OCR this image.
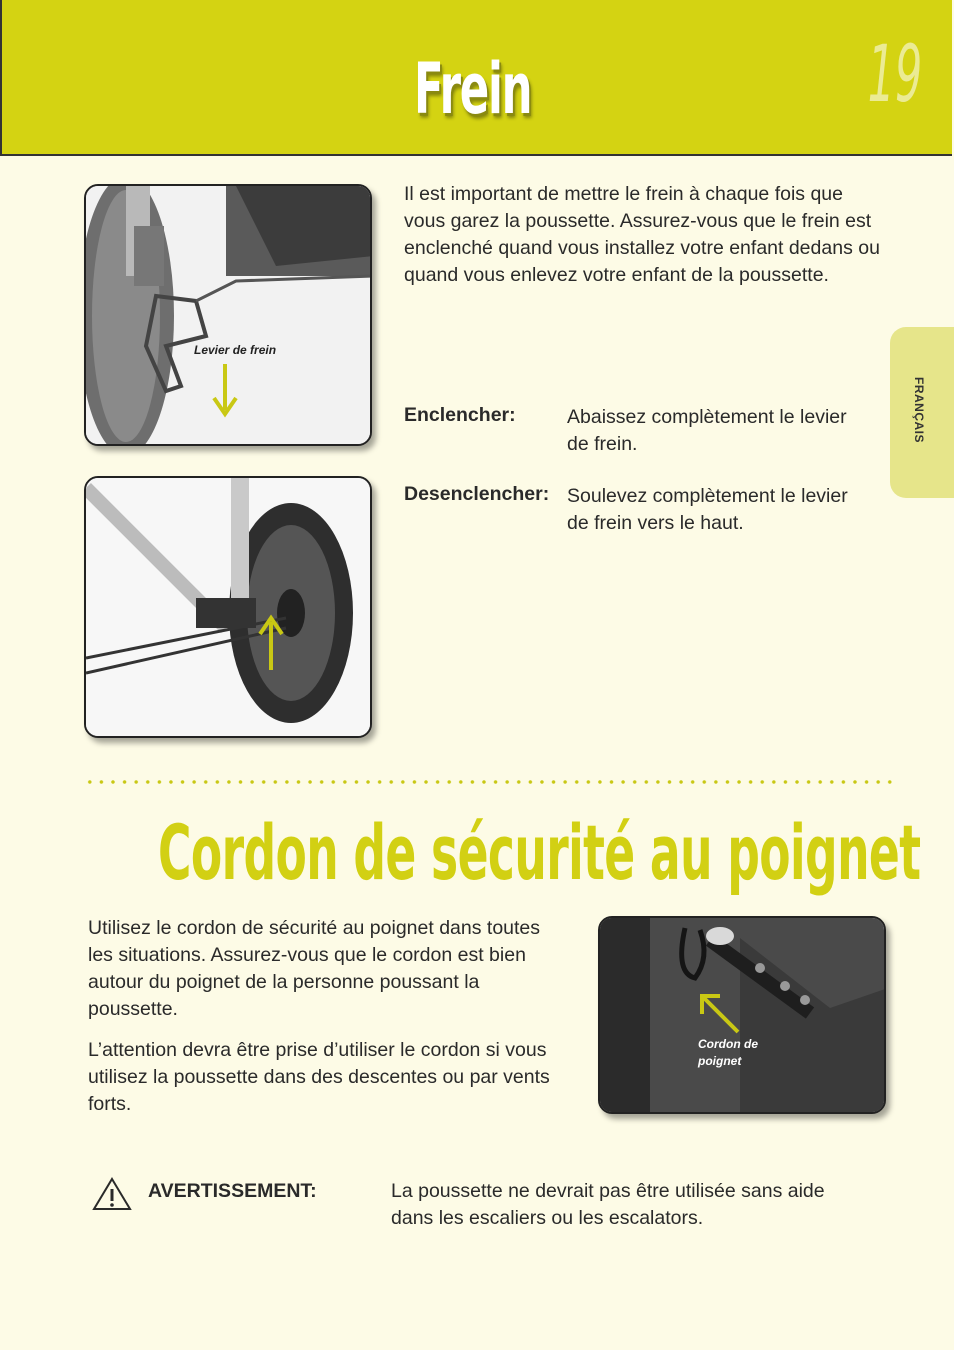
Frein	19
FRANÇAIS
Levier de frein
Il est important de mettre le frein à chaque fois que vous garez la poussette. Assurez-vous que le frein est enclenché quand vous installez votre enfant dedans ou quand vous enlevez votre enfant de la poussette.
Enclencher:	Abaissez complètement le levier de frein.
Desenclencher: Soulevez complètement le levier de frein vers le haut.
Cordon de sécurité au poignet
Utilisez le cordon de sécurité au poignet dans toutes les situations. Assurez-vous que le cordon est bien autour du poignet de la personne poussant la poussette.
L’attention devra être prise d’utiliser le cordon si vous utilisez la poussette dans des descentes ou par vents forts.
Cordon de
poignet
AVERTISSEMENT:	La poussette ne devrait pas être utilisée sans aide dans les escaliers ou les escalators.
